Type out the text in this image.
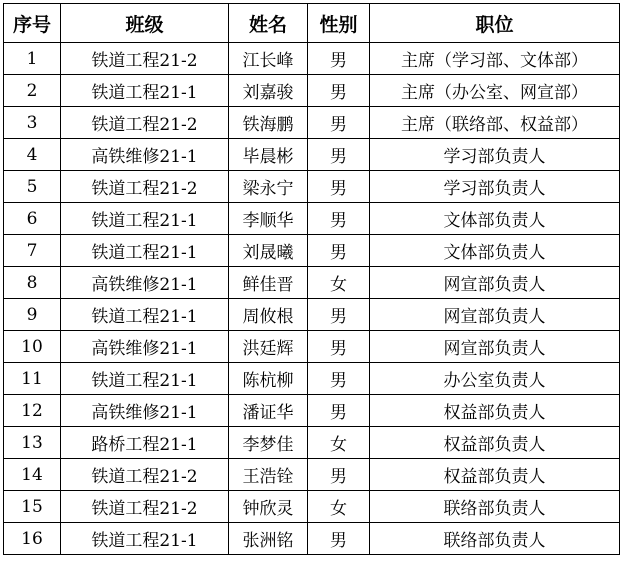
序号	班级	姓名	性别	职位
1	铁道工程21-2	江长峰	男	主席（学习部、文体部）
2	铁道工程21-1	刘嘉骏	男	主席（办公室、网宣部）
3	铁道工程21-2	铁海鹏	男	主席（联络部、权益部）
4	高铁维修21-1	毕晨彬	男	学习部负责人
5	铁道工程21-2	梁永宁	男	学习部负责人
6	铁道工程21-1	李顺华	男	文体部负责人
7	铁道工程21-1	刘晟曦	男	文体部负责人
8	高铁维修21-1	鲜佳晋	女	网宣部负责人
9	铁道工程21-1	周攸根	男	网宣部负责人
10	高铁维修21-1	洪廷辉	男	网宣部负责人
11	铁道工程21-1	陈杭柳	男	办公室负责人
12	高铁维修21-1	潘证华	男	权益部负责人
13	路桥工程21-1	李梦佳	女	权益部负责人
14	铁道工程21-2	王浩铨	男	权益部负责人
15	铁道工程21-2	钟欣灵	女	联络部负责人
16	铁道工程21-1	张洲铭	男	联络部负责人
